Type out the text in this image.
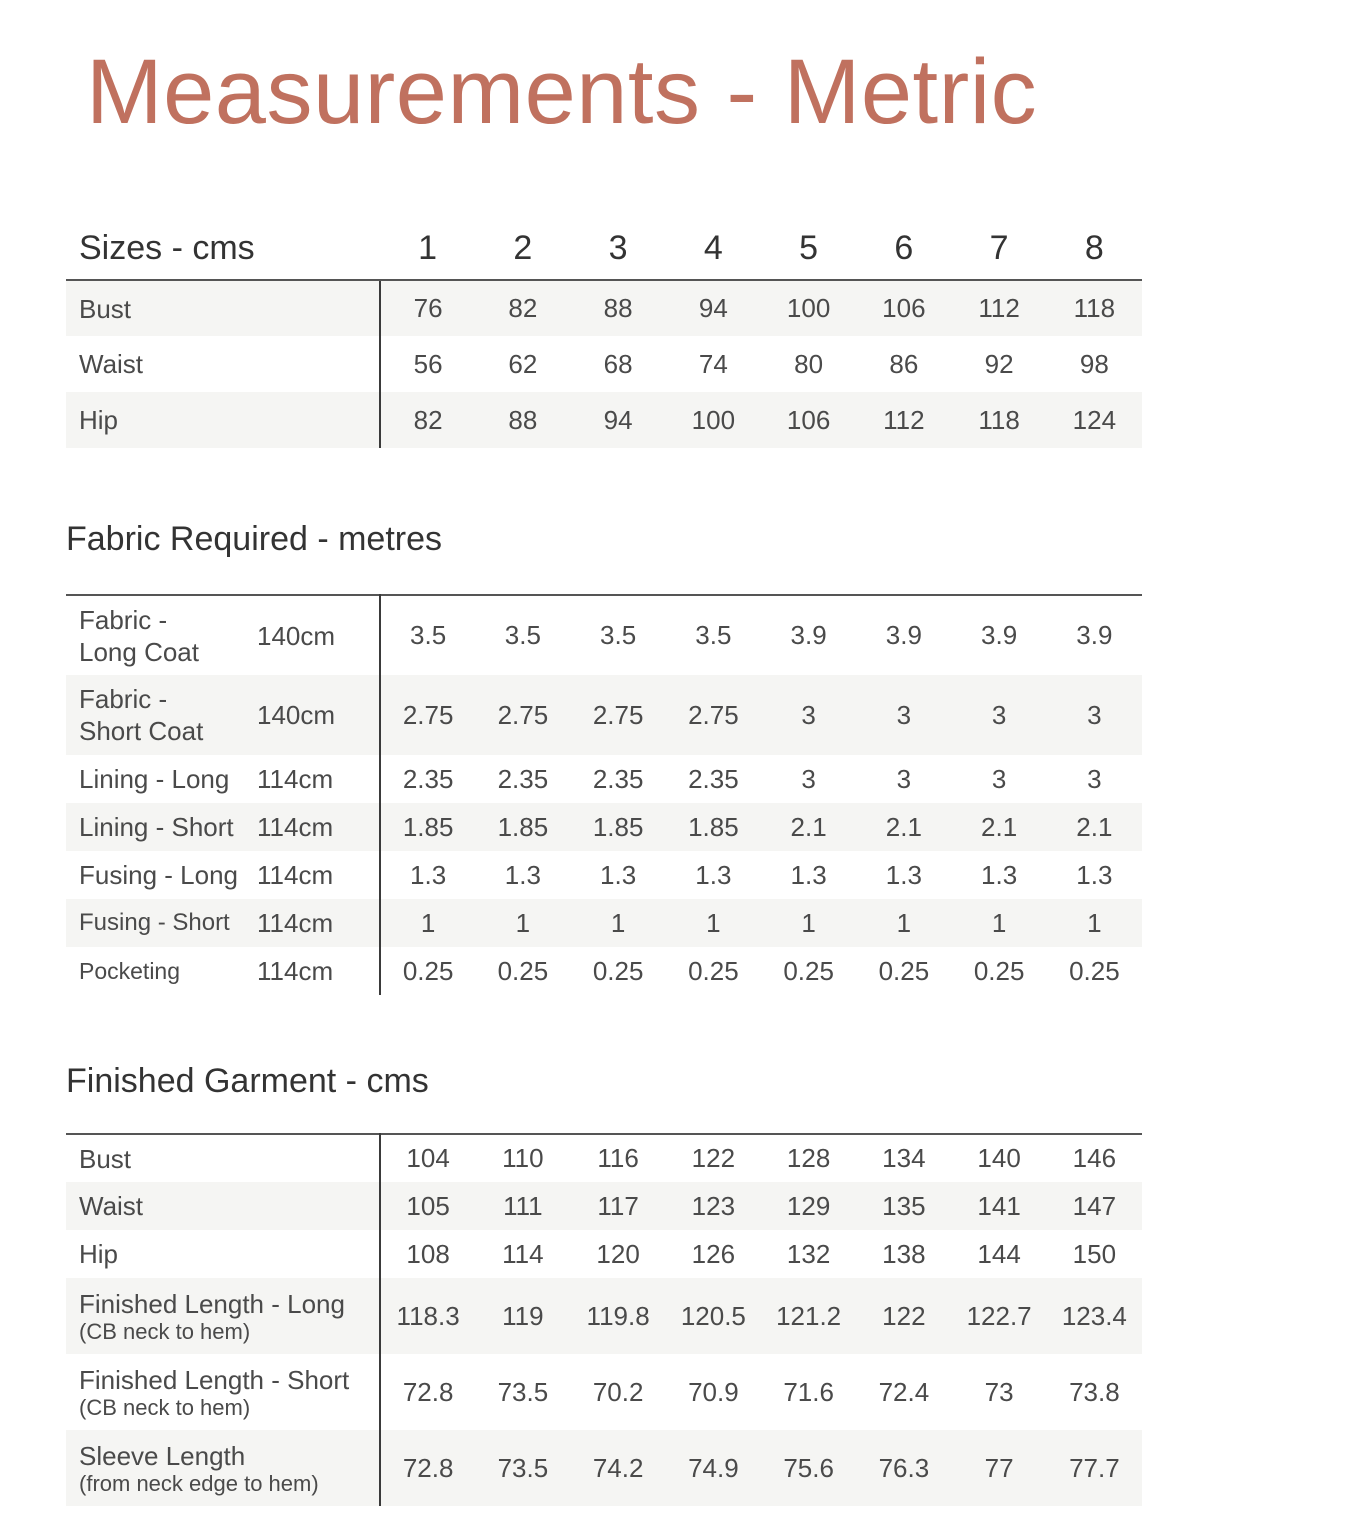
Measurements - Metric
Sizes - cms	1	2	3	4	5	6	7	8
Bust	76	82	88	94	100	106	112	118
Waist	56	62	68	74	80	86	92	98
Hip	82	88	94	100	106	112	118	124
Fabric Required - metres
Fabric -
Long Coat
140cm	3.5	3.5	3.5	3.5	3.9	3.9	3.9	3.9

Fabric -
Short Coat
140cm	2.75	2.75	2.75	2.75	3	3	3	3

Lining - Long 114cm	2.35	2.35	2.35	2.35	3	3	3	3

Lining - Short 114cm	1.85	1.85	1.85	1.85	2.1	2.1	2.1	2.1

Fusing - Long 114cm	1.3	1.3	1.3	1.3	1.3	1.3	1.3	1.3

Fusing - Short 114cm	1	1	1	1	1	1	1	1

Pocketing 114cm	0.25	0.25	0.25	0.25	0.25	0.25	0.25	0.25
Finished Garment - cms
Bust	104	110	116	122	128	134	140	146
Waist	105	111	117	123	129	135	141	147
Hip	108	114	120	126	132	138	144	150

Finished Length - Long
(CB neck to hem)	118.3	119	119.8	120.5	121.2	122	122.7	123.4

Finished Length - Short
(CB neck to hem)	72.8	73.5	70.2	70.9	71.6	72.4	73	73.8

Sleeve Length
(from neck edge to hem)	72.8	73.5	74.2	74.9	75.6	76.3	77	77.7
